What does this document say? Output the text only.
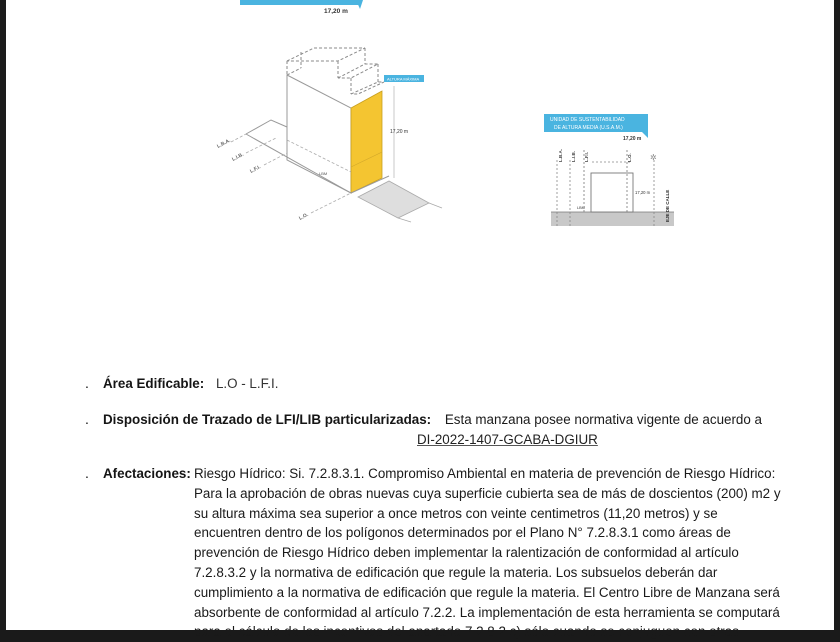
17,20 m
ALTURA MÁXIMA
17,20 m
LBM
L.B.A.
L.I.B.
L.F.I.
L.O.
UNIDAD DE SUSTENTABILIDAD
DE ALTURA MEDIA (U.S.A.M.)
17,20 m
17,20 m
LBM
L.B.A. L.I.B. L.F.I.	L.O.
EJE DE CALLE
✲
. Área Edificable: L.O - L.F.I.
. Disposición de Trazado de LFI/LIB particularizadas: Esta manzana posee normativa vigente de acuerdo a
DI-2022-1407-GCABA-DGIUR
. Afectaciones: Riesgo Hídrico: Si. 7.2.8.3.1. Compromiso Ambiental en materia de prevención de Riesgo Hídrico:
Para la aprobación de obras nuevas cuya superficie cubierta sea de más de doscientos (200) m2 y
su altura máxima sea superior a once metros con veinte centimetros (11,20 metros) y se
encuentren dentro de los polígonos determinados por el Plano N° 7.2.8.3.1 como áreas de
prevención de Riesgo Hídrico deben implementar la ralentización de conformidad al artículo
7.2.8.3.2 y la normativa de edificación que regule la materia. Los subsuelos deberán dar
cumplimiento a la normativa de edificación que regule la materia. El Centro Libre de Manzana será
absorbente de conformidad al artículo 7.2.2. La implementación de esta herramienta se computará
para el cálculo de los incentivos del apartado 7.2.8.2 c) sólo cuando se conjuguen con otras
